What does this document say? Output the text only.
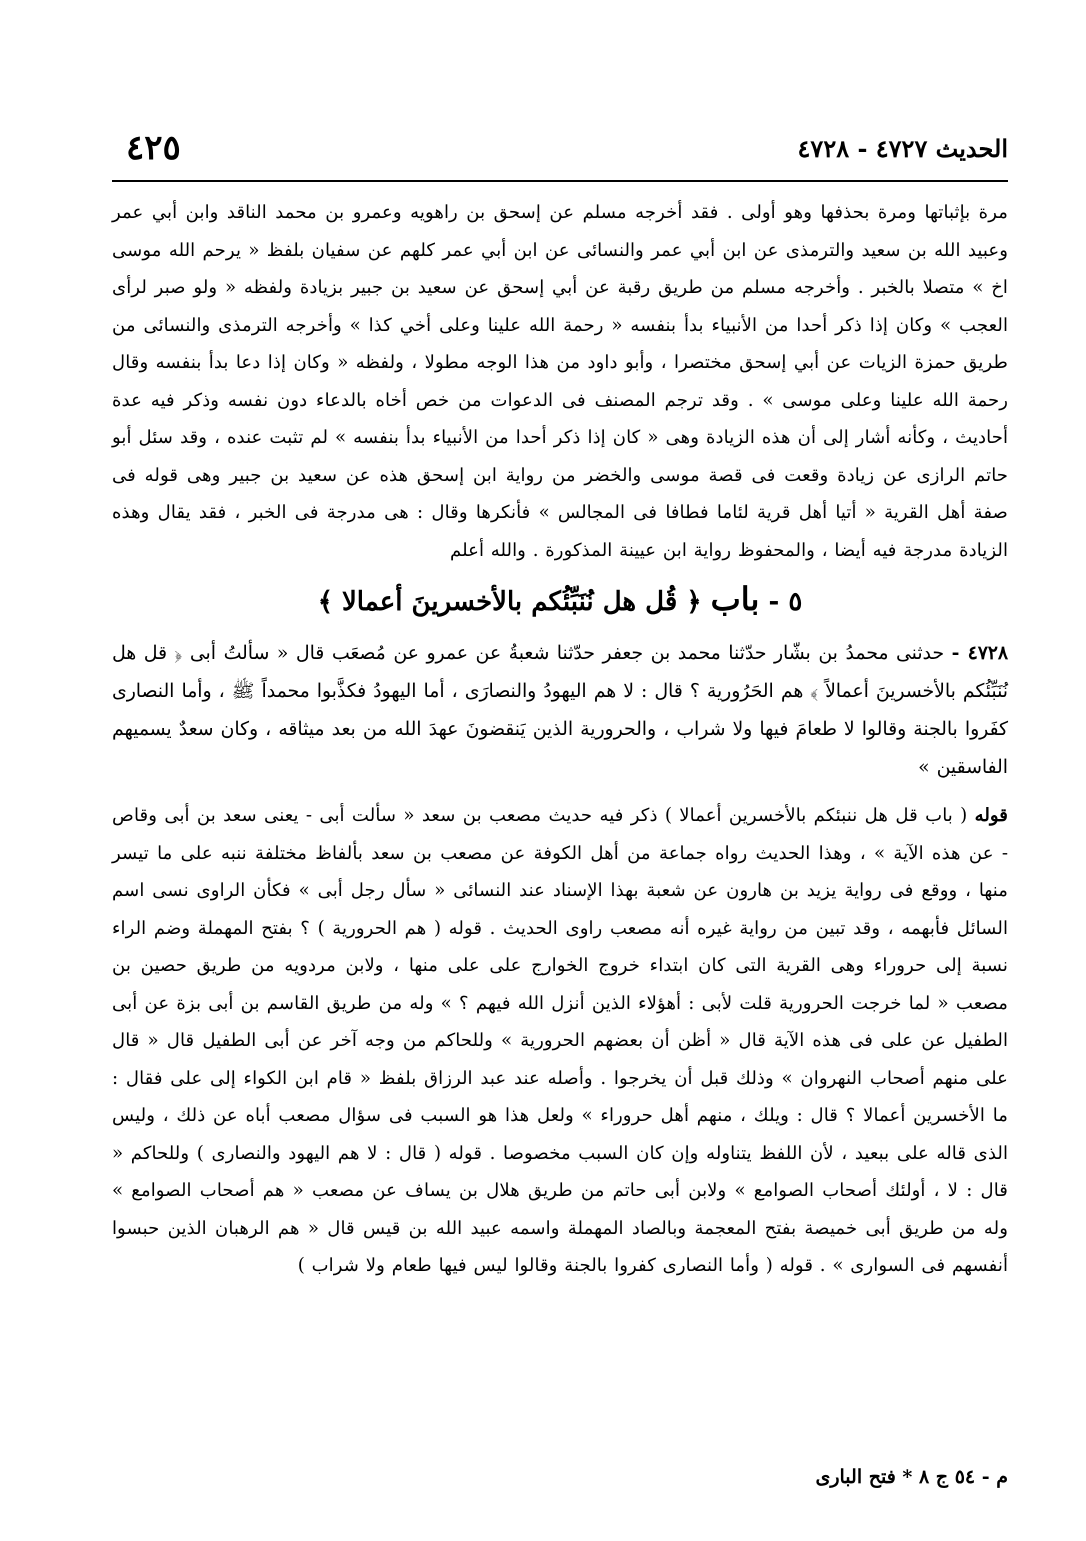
الحديث ٤٧٢٧ - ٤٧٢٨
٤٢٥

مرة بإثباتها ومرة بحذفها وهو أولى . فقد أخرجه مسلم عن إسحق بن راهويه وعمرو بن محمد الناقد وابن أبي عمر وعبيد الله بن سعيد والترمذى عن ابن أبي عمر والنسائى عن ابن أبي عمر كلهم عن سفيان بلفظ « يرحم الله موسى اخ » متصلا بالخبر . وأخرجه مسلم من طريق رقبة عن أبي إسحق عن سعيد بن جبير بزيادة ولفظه « ولو صبر لرأى العجب » وكان إذا ذكر أحدا من الأنبياء بدأ بنفسه « رحمة الله علينا وعلى أخي كذا » وأخرجه الترمذى والنسائى من طريق حمزة الزيات عن أبي إسحق مختصرا ، وأبو داود من هذا الوجه مطولا ، ولفظه « وكان إذا دعا بدأ بنفسه وقال رحمة الله علينا وعلى موسى » . وقد ترجم المصنف فى الدعوات من خص أخاه بالدعاء دون نفسه وذكر فيه عدة أحاديث ، وكأنه أشار إلى أن هذه الزيادة وهى « كان إذا ذكر أحدا من الأنبياء بدأ بنفسه » لم تثبت عنده ، وقد سئل أبو حاتم الرازى عن زيادة وقعت فى قصة موسى والخضر من رواية ابن إسحق هذه عن سعيد بن جبير وهى قوله فى صفة أهل القرية « أتيا أهل قرية لئاما فطافا فى المجالس » فأنكرها وقال : هى مدرجة فى الخبر ، فقد يقال وهذه الزيادة مدرجة فيه أيضا ، والمحفوظ رواية ابن عيينة المذكورة . والله أعلم

٥ - باب ﴿ قُل هل نُنَبِّئُكم بالأخسرينَ أعمالا ﴾

٤٧٢٨ - حدثنى محمدُ بن بشّار حدّثنا محمد بن جعفر حدّثنا شعبةُ عن عمرو عن مُصعَب قال « سألتُ أبى ﴿ قل هل نُنَبِّئُكم بالأخسرينَ أعمالاً ﴾ هم الحَرُورية ؟ قال : لا هم اليهودُ والنصارَى ، أما اليهودُ فكذَّبوا محمداً ﷺ ، وأما النصارى كفَروا بالجنة وقالوا لا طعامَ فيها ولا شراب ، والحرورية الذين يَنقضونَ عهدَ الله من بعد ميثاقه ، وكان سعدٌ يسميهم الفاسقين »

قوله ( باب قل هل ننبئكم بالأخسرين أعمالا ) ذكر فيه حديث مصعب بن سعد « سألت أبى - يعنى سعد بن أبى وقاص - عن هذه الآية » ، وهذا الحديث رواه جماعة من أهل الكوفة عن مصعب بن سعد بألفاظ مختلفة ننبه على ما تيسر منها ، ووقع فى رواية يزيد بن هارون عن شعبة بهذا الإسناد عند النسائى « سأل رجل أبى » فكأن الراوى نسى اسم السائل فأبهمه ، وقد تبين من رواية غيره أنه مصعب راوى الحديث . قوله ( هم الحرورية ) ؟ بفتح المهملة وضم الراء نسبة إلى حروراء وهى القرية التى كان ابتداء خروج الخوارج على على منها ، ولابن مردويه من طريق حصين بن مصعب « لما خرجت الحرورية قلت لأبى : أهؤلاء الذين أنزل الله فيهم ؟ » وله من طريق القاسم بن أبى بزة عن أبى الطفيل عن على فى هذه الآية قال « أظن أن بعضهم الحرورية » وللحاكم من وجه آخر عن أبى الطفيل قال « قال على منهم أصحاب النهروان » وذلك قبل أن يخرجوا . وأصله عند عبد الرزاق بلفظ « قام ابن الكواء إلى على فقال : ما الأخسرين أعمالا ؟ قال : ويلك ، منهم أهل حروراء » ولعل هذا هو السبب فى سؤال مصعب أباه عن ذلك ، وليس الذى قاله على ببعيد ، لأن اللفظ يتناوله وإن كان السبب مخصوصا . قوله ( قال : لا هم اليهود والنصارى ) وللحاكم « قال : لا ، أولئك أصحاب الصوامع » ولابن أبى حاتم من طريق هلال بن يساف عن مصعب « هم أصحاب الصوامع » وله من طريق أبى خميصة بفتح المعجمة وبالصاد المهملة واسمه عبيد الله بن قيس قال « هم الرهبان الذين حبسوا أنفسهم فى السوارى » . قوله ( وأما النصارى كفروا بالجنة وقالوا ليس فيها طعام ولا شراب )

م - ٥٤ ج ٨ * فتح البارى
